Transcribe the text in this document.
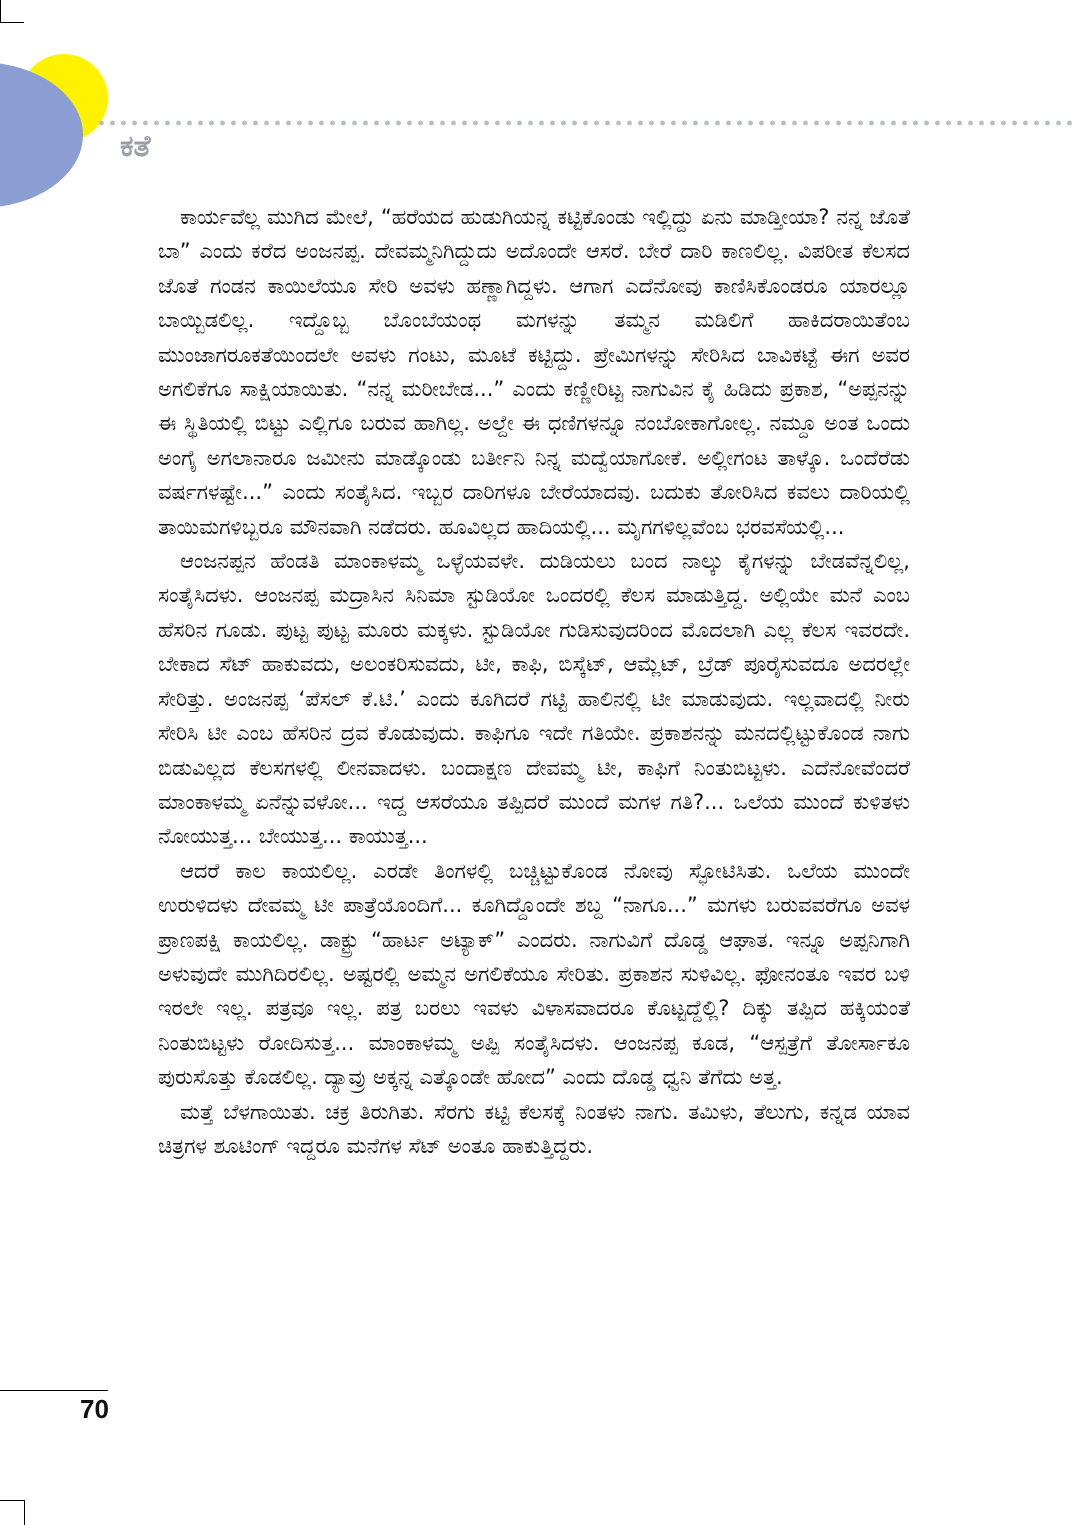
ಕತೆ

ಕಾರ್ಯವೆಲ್ಲ ಮುಗಿದ ಮೇಲೆ, “ಹರೆಯದ ಹುಡುಗಿಯನ್ನ ಕಟ್ಟಿಕೊಂಡು ಇಲ್ಲಿದ್ದು ಏನು ಮಾಡ್ತೀಯಾ? ನನ್ನ ಜೊತೆ ಬಾ” ಎಂದು ಕರೆದ ಅಂಜನಪ್ಪ. ದೇವಮ್ಮನಿಗಿದ್ದುದು ಅದೊಂದೇ ಆಸರೆ. ಬೇರೆ ದಾರಿ ಕಾಣಲಿಲ್ಲ. ವಿಪರೀತ ಕೆಲಸದ ಜೊತೆ ಗಂಡನ ಕಾಯಿಲೆಯೂ ಸೇರಿ ಅವಳು ಹಣ್ಣಾಗಿದ್ದಳು. ಆಗಾಗ ಎದೆನೋವು ಕಾಣಿಸಿಕೊಂಡರೂ ಯಾರಲ್ಲೂ ಬಾಯ್ಬಿಡಲಿಲ್ಲ. ಇದ್ದೊಬ್ಬ ಬೊಂಬೆಯಂಥ ಮಗಳನ್ನು ತಮ್ಮನ ಮಡಿಲಿಗೆ ಹಾಕಿದರಾಯಿತೆಂಬ ಮುಂಜಾಗರೂಕತೆಯಿಂದಲೇ ಅವಳು ಗಂಟು, ಮೂಟೆ ಕಟ್ಟಿದ್ದು. ಪ್ರೇಮಿಗಳನ್ನು ಸೇರಿಸಿದ ಬಾವಿಕಟ್ಟೆ ಈಗ ಅವರ ಅಗಲಿಕೆಗೂ ಸಾಕ್ಷಿಯಾಯಿತು. “ನನ್ನ ಮರೀಬೇಡ...” ಎಂದು ಕಣ್ಣೀರಿಟ್ಟ ನಾಗುವಿನ ಕೈ ಹಿಡಿದು ಪ್ರಕಾಶ, “ಅಪ್ಪನನ್ನು ಈ ಸ್ಥಿತಿಯಲ್ಲಿ ಬಿಟ್ಟು ಎಲ್ಲಿಗೂ ಬರುವ ಹಾಗಿಲ್ಲ. ಅಲ್ದೇ ಈ ಧಣಿಗಳನ್ನೂ ನಂಬೋಕಾಗೋಲ್ಲ. ನಮ್ದೂ ಅಂತ ಒಂದು ಅಂಗೈ ಅಗಲಾನಾರೂ ಜಮೀನು ಮಾಡ್ಕೊಂಡು ಬರ್ತೀನಿ ನಿನ್ನ ಮದ್ವೆಯಾಗೋಕೆ. ಅಲ್ಲೀಗಂಟ ತಾಳ್ಕೊ. ಒಂದೆರೆಡು ವರ್ಷಗಳಷ್ಟೇ...” ಎಂದು ಸಂತೈಸಿದ. ಇಬ್ಬರ ದಾರಿಗಳೂ ಬೇರೆಯಾದವು. ಬದುಕು ತೋರಿಸಿದ ಕವಲು ದಾರಿಯಲ್ಲಿ ತಾಯಿಮಗಳಿಬ್ಬರೂ ಮೌನವಾಗಿ ನಡೆದರು. ಹೂವಿಲ್ಲದ ಹಾದಿಯಲ್ಲಿ... ಮೃಗಗಳಿಲ್ಲವೆಂಬ ಭರವಸೆಯಲ್ಲಿ...

ಆಂಜನಪ್ಪನ ಹೆಂಡತಿ ಮಾಂಕಾಳಮ್ಮ ಒಳ್ಳೆಯವಳೇ. ದುಡಿಯಲು ಬಂದ ನಾಲ್ಕು ಕೈಗಳನ್ನು ಬೇಡವೆನ್ನಲಿಲ್ಲ, ಸಂತೈಸಿದಳು. ಆಂಜನಪ್ಪ ಮದ್ರಾಸಿನ ಸಿನಿಮಾ ಸ್ಟುಡಿಯೋ ಒಂದರಲ್ಲಿ ಕೆಲಸ ಮಾಡುತ್ತಿದ್ದ. ಅಲ್ಲಿಯೇ ಮನೆ ಎಂಬ ಹೆಸರಿನ ಗೂಡು. ಪುಟ್ಟ ಪುಟ್ಟ ಮೂರು ಮಕ್ಕಳು. ಸ್ಟುಡಿಯೋ ಗುಡಿಸುವುದರಿಂದ ಮೊದಲಾಗಿ ಎಲ್ಲ ಕೆಲಸ ಇವರದೇ. ಬೇಕಾದ ಸೆಟ್ ಹಾಕುವದು, ಅಲಂಕರಿಸುವದು, ಟೀ, ಕಾಫಿ, ಬಿಸ್ಕೆಟ್, ಆಮ್ಲೆಟ್, ಬ್ರೆಡ್ ಪೂರೈಸುವದೂ ಅದರಲ್ಲೇ ಸೇರಿತ್ತು. ಅಂಜನಪ್ಪ ‘ಪೆಸಲ್ ಕೆ.ಟಿ.’ ಎಂದು ಕೂಗಿದರೆ ಗಟ್ಟಿ ಹಾಲಿನಲ್ಲಿ ಟೀ ಮಾಡುವುದು. ಇಲ್ಲವಾದಲ್ಲಿ ನೀರು ಸೇರಿಸಿ ಟೀ ಎಂಬ ಹೆಸರಿನ ದ್ರವ ಕೊಡುವುದು. ಕಾಫಿಗೂ ಇದೇ ಗತಿಯೇ. ಪ್ರಕಾಶನನ್ನು ಮನದಲ್ಲಿಟ್ಟುಕೊಂಡ ನಾಗು ಬಿಡುವಿಲ್ಲದ ಕೆಲಸಗಳಲ್ಲಿ ಲೀನವಾದಳು. ಬಂದಾಕ್ಷಣ ದೇವಮ್ಮ ಟೀ, ಕಾಫಿಗೆ ನಿಂತುಬಿಟ್ಟಳು. ಎದೆನೋವೆಂದರೆ ಮಾಂಕಾಳಮ್ಮ ಏನೆನ್ನುವಳೋ... ಇದ್ದ ಆಸರೆಯೂ ತಪ್ಪಿದರೆ ಮುಂದೆ ಮಗಳ ಗತಿ?... ಒಲೆಯ ಮುಂದೆ ಕುಳಿತಳು ನೋಯುತ್ತ... ಬೇಯುತ್ತ... ಕಾಯುತ್ತ...

ಆದರೆ ಕಾಲ ಕಾಯಲಿಲ್ಲ. ಎರಡೇ ತಿಂಗಳಲ್ಲಿ ಬಚ್ಚಿಟ್ಟುಕೊಂಡ ನೋವು ಸ್ಫೋಟಿಸಿತು. ಒಲೆಯ ಮುಂದೇ ಉರುಳಿದಳು ದೇವಮ್ಮ ಟೀ ಪಾತ್ರೆಯೊಂದಿಗೆ... ಕೂಗಿದ್ದೊಂದೇ ಶಬ್ದ “ನಾಗೂ...” ಮಗಳು ಬರುವವರೆಗೂ ಅವಳ ಪ್ರಾಣಪಕ್ಷಿ ಕಾಯಲಿಲ್ಲ. ಡಾಕ್ಟ್ರು “ಹಾರ್ಟ ಅಟ್ಯಾಕ್” ಎಂದರು. ನಾಗುವಿಗೆ ದೊಡ್ಡ ಆಘಾತ. ಇನ್ನೂ ಅಪ್ಪನಿಗಾಗಿ ಅಳುವುದೇ ಮುಗಿದಿರಲಿಲ್ಲ. ಅಷ್ಟರಲ್ಲಿ ಅಮ್ಮನ ಅಗಲಿಕೆಯೂ ಸೇರಿತು. ಪ್ರಕಾಶನ ಸುಳಿವಿಲ್ಲ. ಫೋನಂತೂ ಇವರ ಬಳಿ ಇರಲೇ ಇಲ್ಲ. ಪತ್ರವೂ ಇಲ್ಲ. ಪತ್ರ ಬರಲು ಇವಳು ವಿಳಾಸವಾದರೂ ಕೊಟ್ಟದ್ದೆಲ್ಲಿ? ದಿಕ್ಕು ತಪ್ಪಿದ ಹಕ್ಕಿಯಂತೆ ನಿಂತುಬಿಟ್ಟಳು ರೋದಿಸುತ್ತ... ಮಾಂಕಾಳಮ್ಮ ಅಪ್ಪಿ ಸಂತೈಸಿದಳು. ಆಂಜನಪ್ಪ ಕೂಡ, “ಆಸ್ಪತ್ರೆಗೆ ತೋರ್ಸಾಕೂ ಪುರುಸೊತ್ತು ಕೊಡಲಿಲ್ಲ. ದ್ಯಾವ್ರು ಅಕ್ಕನ್ನ ಎತ್ಕೊಂಡೇ ಹೋದ” ಎಂದು ದೊಡ್ಡ ಧ್ವನಿ ತೆಗೆದು ಅತ್ತ.

ಮತ್ತೆ ಬೆಳಗಾಯಿತು. ಚಕ್ರ ತಿರುಗಿತು. ಸೆರಗು ಕಟ್ಟಿ ಕೆಲಸಕ್ಕೆ ನಿಂತಳು ನಾಗು. ತಮಿಳು, ತೆಲುಗು, ಕನ್ನಡ ಯಾವ ಚಿತ್ರಗಳ ಶೂಟಿಂಗ್ ಇದ್ದರೂ ಮನೆಗಳ ಸೆಟ್ ಅಂತೂ ಹಾಕುತ್ತಿದ್ದರು.

70
